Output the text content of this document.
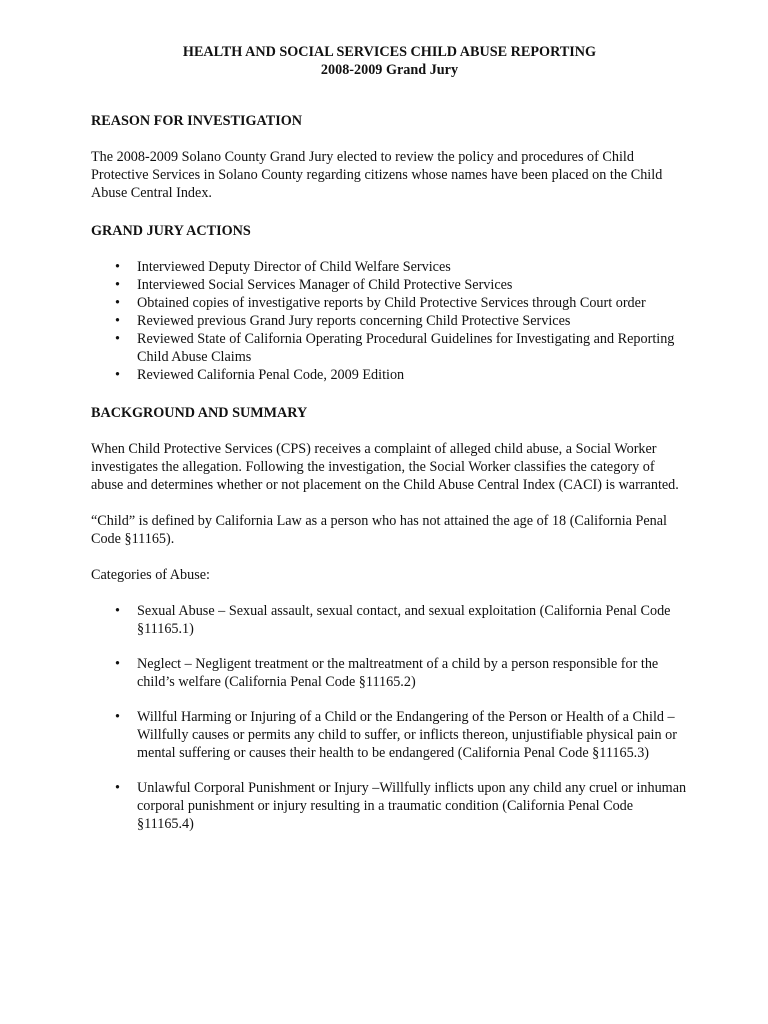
HEALTH AND SOCIAL SERVICES CHILD ABUSE REPORTING
2008-2009 Grand Jury
REASON FOR INVESTIGATION

The 2008-2009 Solano County Grand Jury elected to review the policy and procedures of Child Protective Services in Solano County regarding citizens whose names have been placed on the Child Abuse Central Index.

GRAND JURY ACTIONS
• Interviewed Deputy Director of Child Welfare Services
• Interviewed Social Services Manager of Child Protective Services
• Obtained copies of investigative reports by Child Protective Services through Court order
• Reviewed previous Grand Jury reports concerning Child Protective Services
• Reviewed State of California Operating Procedural Guidelines for Investigating and Reporting Child Abuse Claims
• Reviewed California Penal Code, 2009 Edition
BACKGROUND AND SUMMARY

When Child Protective Services (CPS) receives a complaint of alleged child abuse, a Social Worker investigates the allegation. Following the investigation, the Social Worker classifies the category of abuse and determines whether or not placement on the Child Abuse Central Index (CACI) is warranted.

“Child” is defined by California Law as a person who has not attained the age of 18 (California Penal Code §11165).

Categories of Abuse:

• Sexual Abuse – Sexual assault, sexual contact, and sexual exploitation (California Penal Code §11165.1)
• Neglect – Negligent treatment or the maltreatment of a child by a person responsible for the child’s welfare (California Penal Code §11165.2)
• Willful Harming or Injuring of a Child or the Endangering of the Person or Health of a Child –Willfully causes or permits any child to suffer, or inflicts thereon, unjustifiable physical pain or mental suffering or causes their health to be endangered (California Penal Code §11165.3)
• Unlawful Corporal Punishment or Injury –Willfully inflicts upon any child any cruel or inhuman corporal punishment or injury resulting in a traumatic condition (California Penal Code §11165.4)
